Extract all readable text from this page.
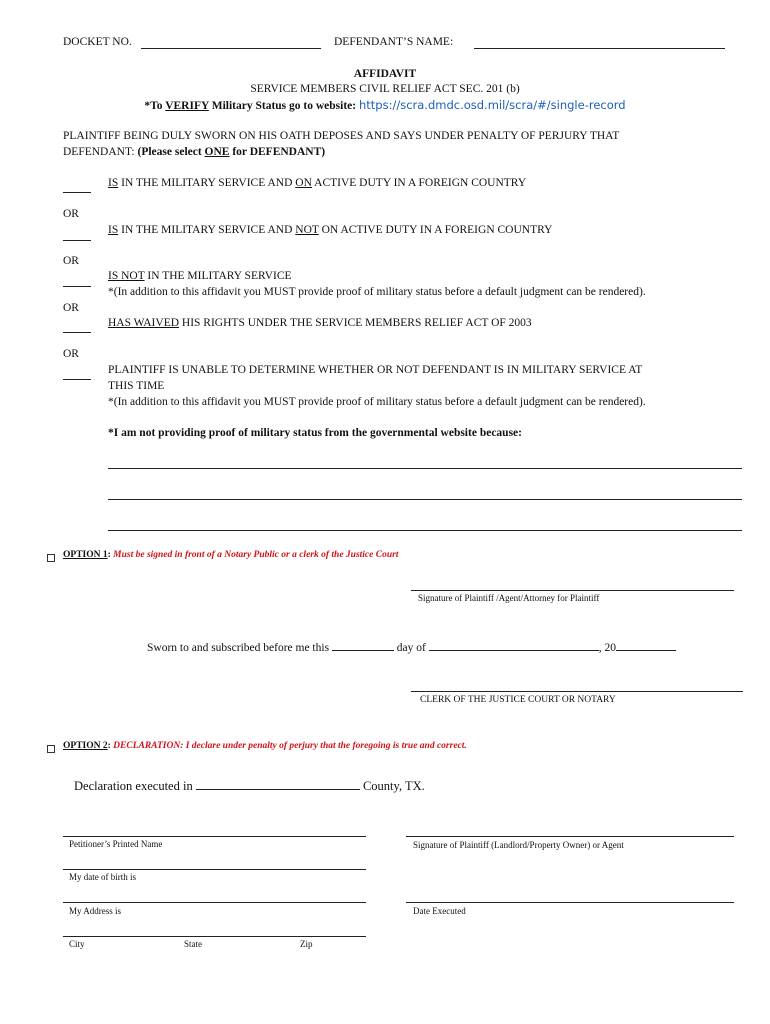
DOCKET NO.	DEFENDANT’S NAME:
AFFIDAVIT
SERVICE MEMBERS CIVIL RELIEF ACT SEC. 201 (b)
*To VERIFY Military Status go to website: https://scra.dmdc.osd.mil/scra/#/single-record
PLAINTIFF BEING DULY SWORN ON HIS OATH DEPOSES AND SAYS UNDER PENALTY OF PERJURY THAT
DEFENDANT: (Please select ONE for DEFENDANT)
IS IN THE MILITARY SERVICE AND ON ACTIVE DUTY IN A FOREIGN COUNTRY
OR
IS IN THE MILITARY SERVICE AND NOT ON ACTIVE DUTY IN A FOREIGN COUNTRY
OR
IS NOT IN THE MILITARY SERVICE
*(In addition to this affidavit you MUST provide proof of military status before a default judgment can be rendered).
OR
HAS WAIVED HIS RIGHTS UNDER THE SERVICE MEMBERS RELIEF ACT OF 2003
OR
PLAINTIFF IS UNABLE TO DETERMINE WHETHER OR NOT DEFENDANT IS IN MILITARY SERVICE AT
THIS TIME
*(In addition to this affidavit you MUST provide proof of military status before a default judgment can be rendered).
*I am not providing proof of military status from the governmental website because:
OPTION 1: Must be signed in front of a Notary Public or a clerk of the Justice Court
Signature of Plaintiff /Agent/Attorney for Plaintiff
Sworn to and subscribed before me this	day of	, 20
CLERK OF THE JUSTICE COURT OR NOTARY
OPTION 2: DECLARATION: I declare under penalty of perjury that the foregoing is true and correct.
Declaration executed in	County, TX.
Petitioner’s Printed Name	Signature of Plaintiff (Landlord/Property Owner) or Agent
My date of birth is
My Address is	Date Executed
City	State	Zip
